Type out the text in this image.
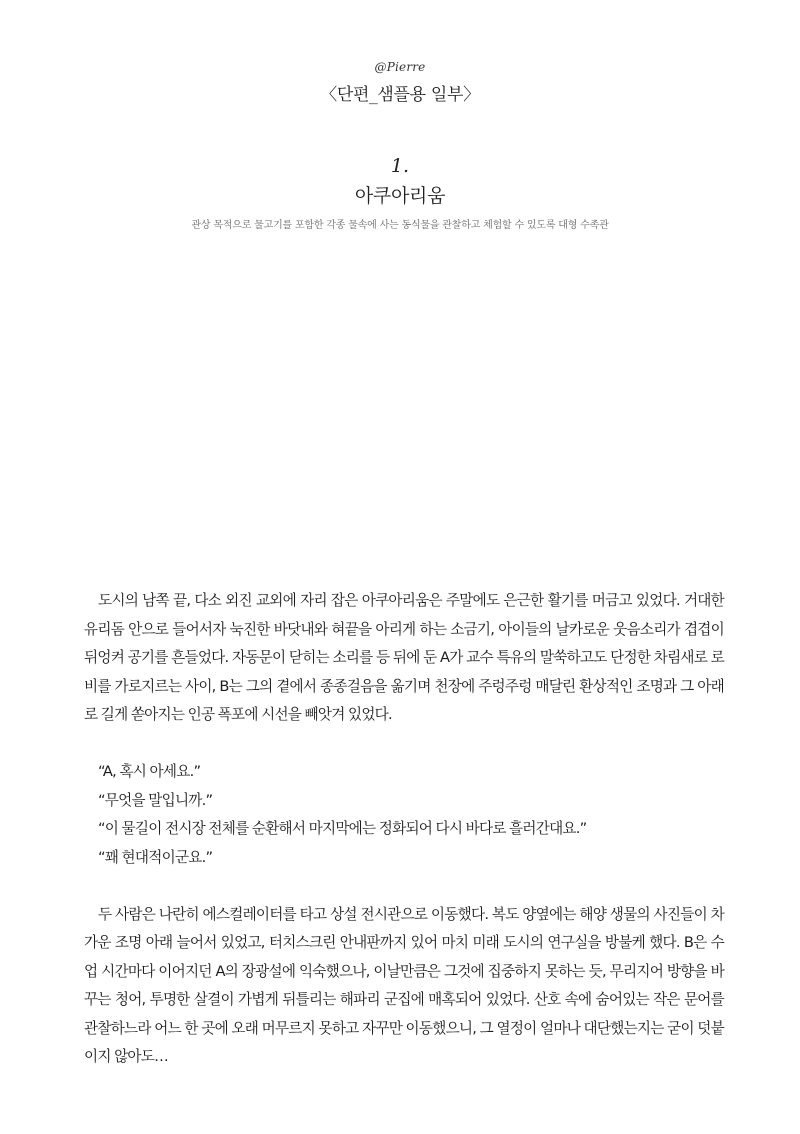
@Pierre
〈단편_샘플용 일부〉
1.
아쿠아리움
관상 목적으로 물고기를 포함한 각종 물속에 사는 동식물을 관찰하고 체험할 수 있도록 대형 수족관

도시의 남쪽 끝, 다소 외진 교외에 자리 잡은 아쿠아리움은 주말에도 은근한 활기를 머금고 있었다. 거대한 유리돔 안으로 들어서자 눅진한 바닷내와 혀끝을 아리게 하는 소금기, 아이들의 날카로운 웃음소리가 겹겹이 뒤엉켜 공기를 흔들었다. 자동문이 닫히는 소리를 등 뒤에 둔 A가 교수 특유의 말쑥하고도 단정한 차림새로 로비를 가로지르는 사이, B는 그의 곁에서 종종걸음을 옮기며 천장에 주렁주렁 매달린 환상적인 조명과 그 아래로 길게 쏟아지는 인공 폭포에 시선을 빼앗겨 있었다.

“A, 혹시 아세요.”
“무엇을 말입니까.”
“이 물길이 전시장 전체를 순환해서 마지막에는 정화되어 다시 바다로 흘러간대요.”
“꽤 현대적이군요.”

두 사람은 나란히 에스컬레이터를 타고 상설 전시관으로 이동했다. 복도 양옆에는 해양 생물의 사진들이 차가운 조명 아래 늘어서 있었고, 터치스크린 안내판까지 있어 마치 미래 도시의 연구실을 방불케 했다. B은 수업 시간마다 이어지던 A의 장광설에 익숙했으나, 이날만큼은 그것에 집중하지 못하는 듯, 무리지어 방향을 바꾸는 청어, 투명한 살결이 가볍게 뒤틀리는 해파리 군집에 매혹되어 있었다. 산호 속에 숨어있는 작은 문어를 관찰하느라 어느 한 곳에 오래 머무르지 못하고 자꾸만 이동했으니, 그 열정이 얼마나 대단했는지는 굳이 덧붙이지 않아도…
